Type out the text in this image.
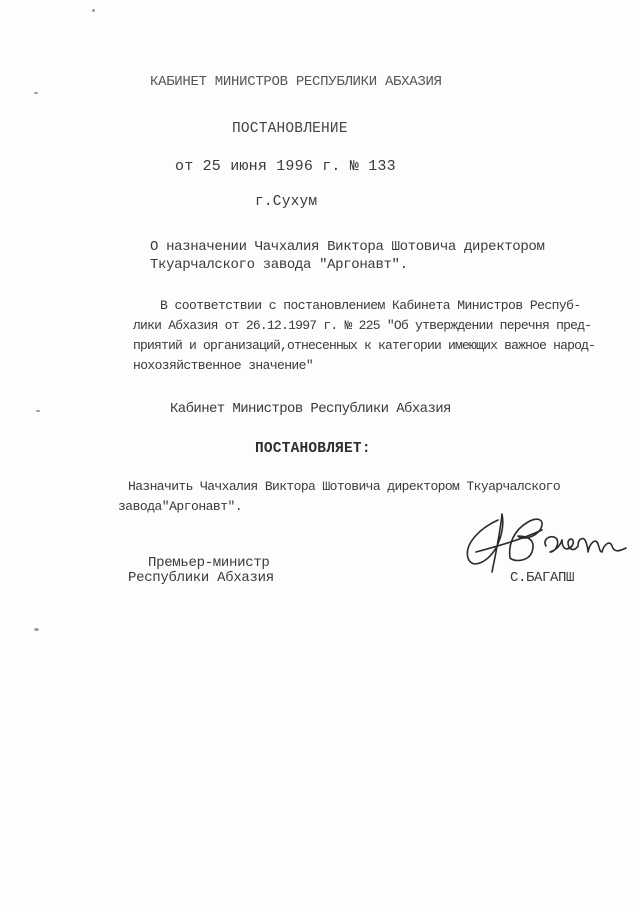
КАБИНЕТ МИНИСТРОВ РЕСПУБЛИКИ АБХАЗИЯ
ПОСТАНОВЛЕНИЕ
от 25 июня 1996 г. № 133
г.Сухум
О назначении Чачхалия Виктора Шотовича директором
Ткуарчалского завода "Аргонавт".
В соответствии с постановлением Кабинета Министров Респуб-
лики Абхазия от 26.12.1997 г. № 225 "Об утверждении перечня пред-
приятий и организаций,отнесенных к категории имеющих важное народ-
нохозяйственное значение"
Кабинет Министров Республики Абхазия
ПОСТАНОВЛЯЕТ:
Назначить Чачхалия Виктора Шотовича директором Ткуарчалского
завода"Аргонавт".
Премьер-министр
Республики Абхазия	С.БАГАПШ
